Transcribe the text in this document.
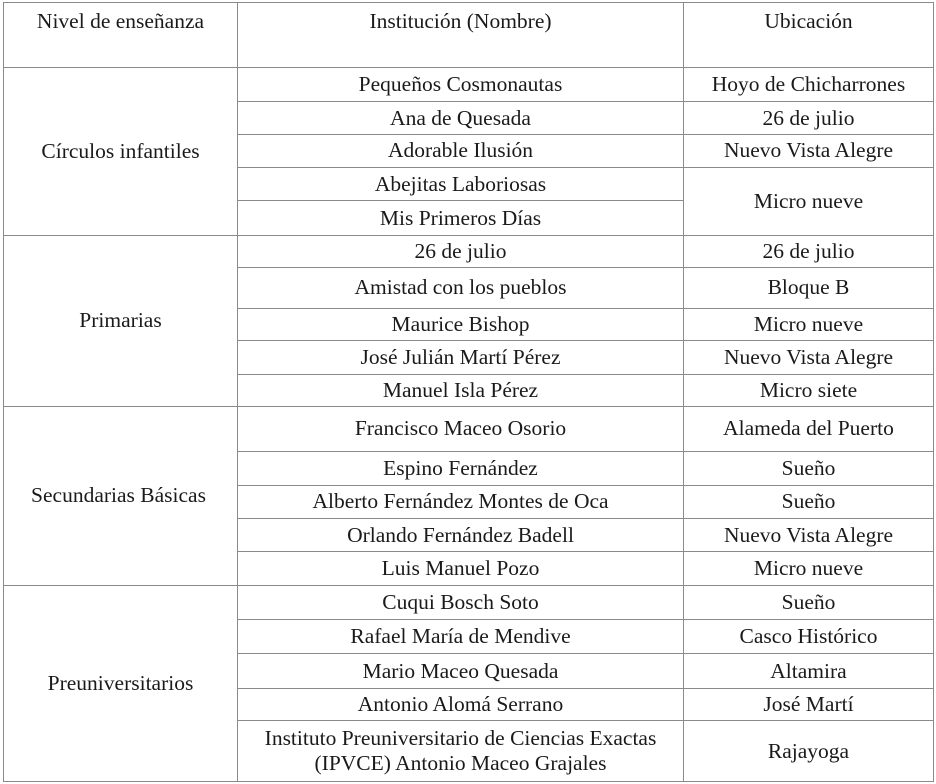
Nivel de enseñanza	Institución (Nombre)	Ubicación
Círculos infantiles	Pequeños Cosmonautas	Hoyo de Chicharrones
	Ana de Quesada	26 de julio
	Adorable Ilusión	Nuevo Vista Alegre
	Abejitas Laboriosas	Micro nueve
	Mis Primeros Días	
Primarias	26 de julio	26 de julio
	Amistad con los pueblos	Bloque B
	Maurice Bishop	Micro nueve
	José Julián Martí Pérez	Nuevo Vista Alegre
	Manuel Isla Pérez	Micro siete
Secundarias Básicas	Francisco Maceo Osorio	Alameda del Puerto
	Espino Fernández	Sueño
	Alberto Fernández Montes de Oca	Sueño
	Orlando Fernández Badell	Nuevo Vista Alegre
	Luis Manuel Pozo	Micro nueve
Preuniversitarios	Cuqui Bosch Soto	Sueño
	Rafael María de Mendive	Casco Histórico
	Mario Maceo Quesada	Altamira
	Antonio Alomá Serrano	José Martí
	Instituto Preuniversitario de Ciencias Exactas (IPVCE) Antonio Maceo Grajales	Rajayoga
